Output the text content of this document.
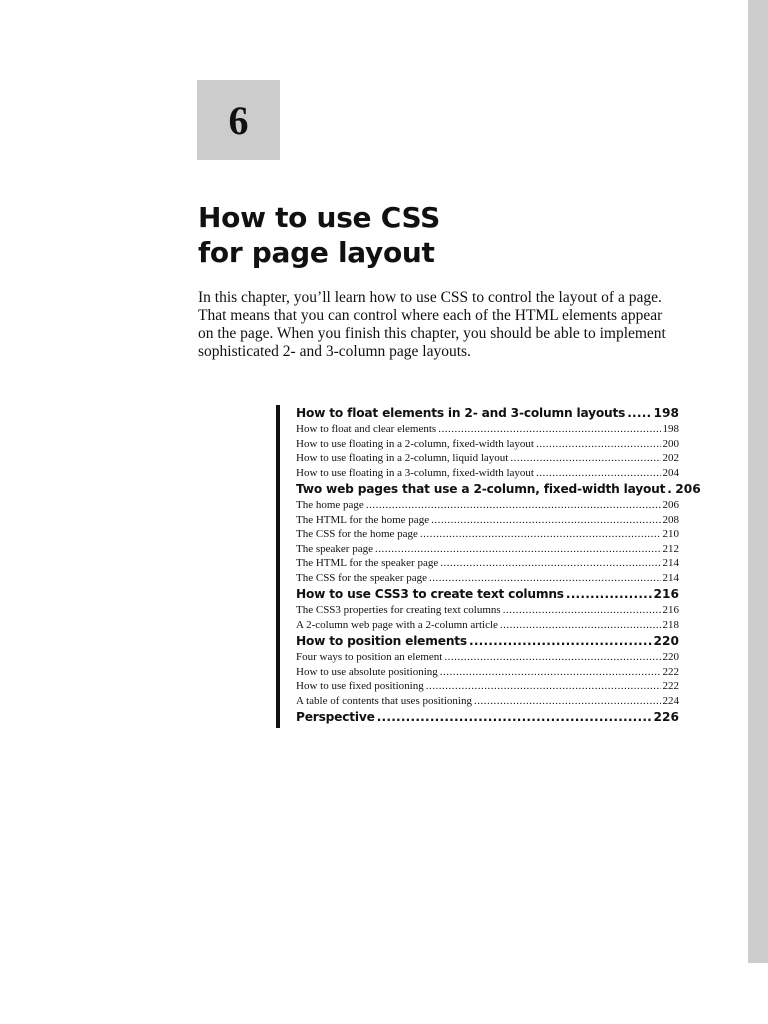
6
How to use CSS
for page layout

In this chapter, you’ll learn how to use CSS to control the layout of a page. That means that you can control where each of the HTML elements appear on the page. When you finish this chapter, you should be able to implement sophisticated 2- and 3-column page layouts.

How to float elements in 2- and 3-column layouts ..... 198
How to float and clear elements .....	198
How to use floating in a 2-column, fixed-width layout .....	200
How to use floating in a 2-column, liquid layout .....	202
How to use floating in a 3-column, fixed-width layout .....	204
Two web pages that use a 2-column, fixed-width layout ..... 206
The home page .....	206
The HTML for the home page .....	208
The CSS for the home page .....	210
The speaker page .....	212
The HTML for the speaker page .....	214
The CSS for the speaker page .....	214
How to use CSS3 to create text columns .....	216
The CSS3 properties for creating text columns .....	216
A 2-column web page with a 2-column article .....	218
How to position elements .....	220
Four ways to position an element .....	220
How to use absolute positioning .....	222
How to use fixed positioning .....	222
A table of contents that uses positioning .....	224
Perspective .....	226
